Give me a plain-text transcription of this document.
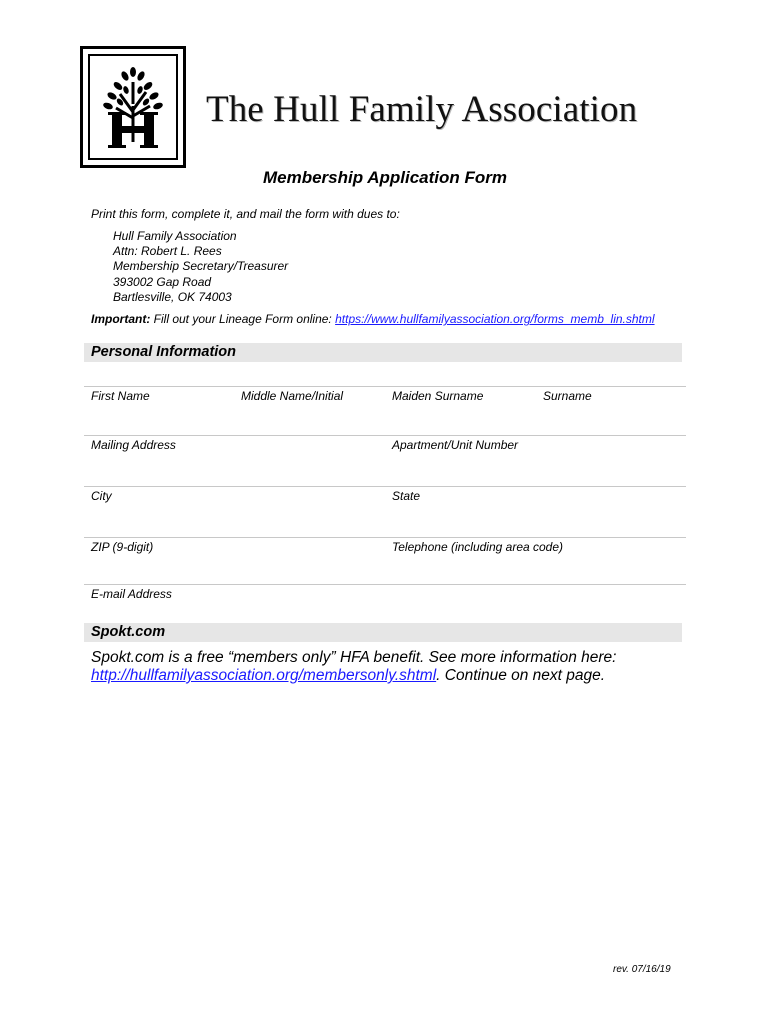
The Hull Family Association
Membership Application Form
Print this form, complete it, and mail the form with dues to:
Hull Family Association
Attn: Robert L. Rees
Membership Secretary/Treasurer
393002 Gap Road
Bartlesville, OK 74003
Important: Fill out your Lineage Form online: https://www.hullfamilyassociation.org/forms_memb_lin.shtml
Personal Information
First Name	Middle Name/Initial	Maiden Surname	Surname
Mailing Address	Apartment/Unit Number
City	State
ZIP (9-digit)	Telephone (including area code)
E-mail Address
Spokt.com
Spokt.com is a free “members only” HFA benefit. See more information here: http://hullfamilyassociation.org/membersonly.shtml. Continue on next page.
rev. 07/16/19
